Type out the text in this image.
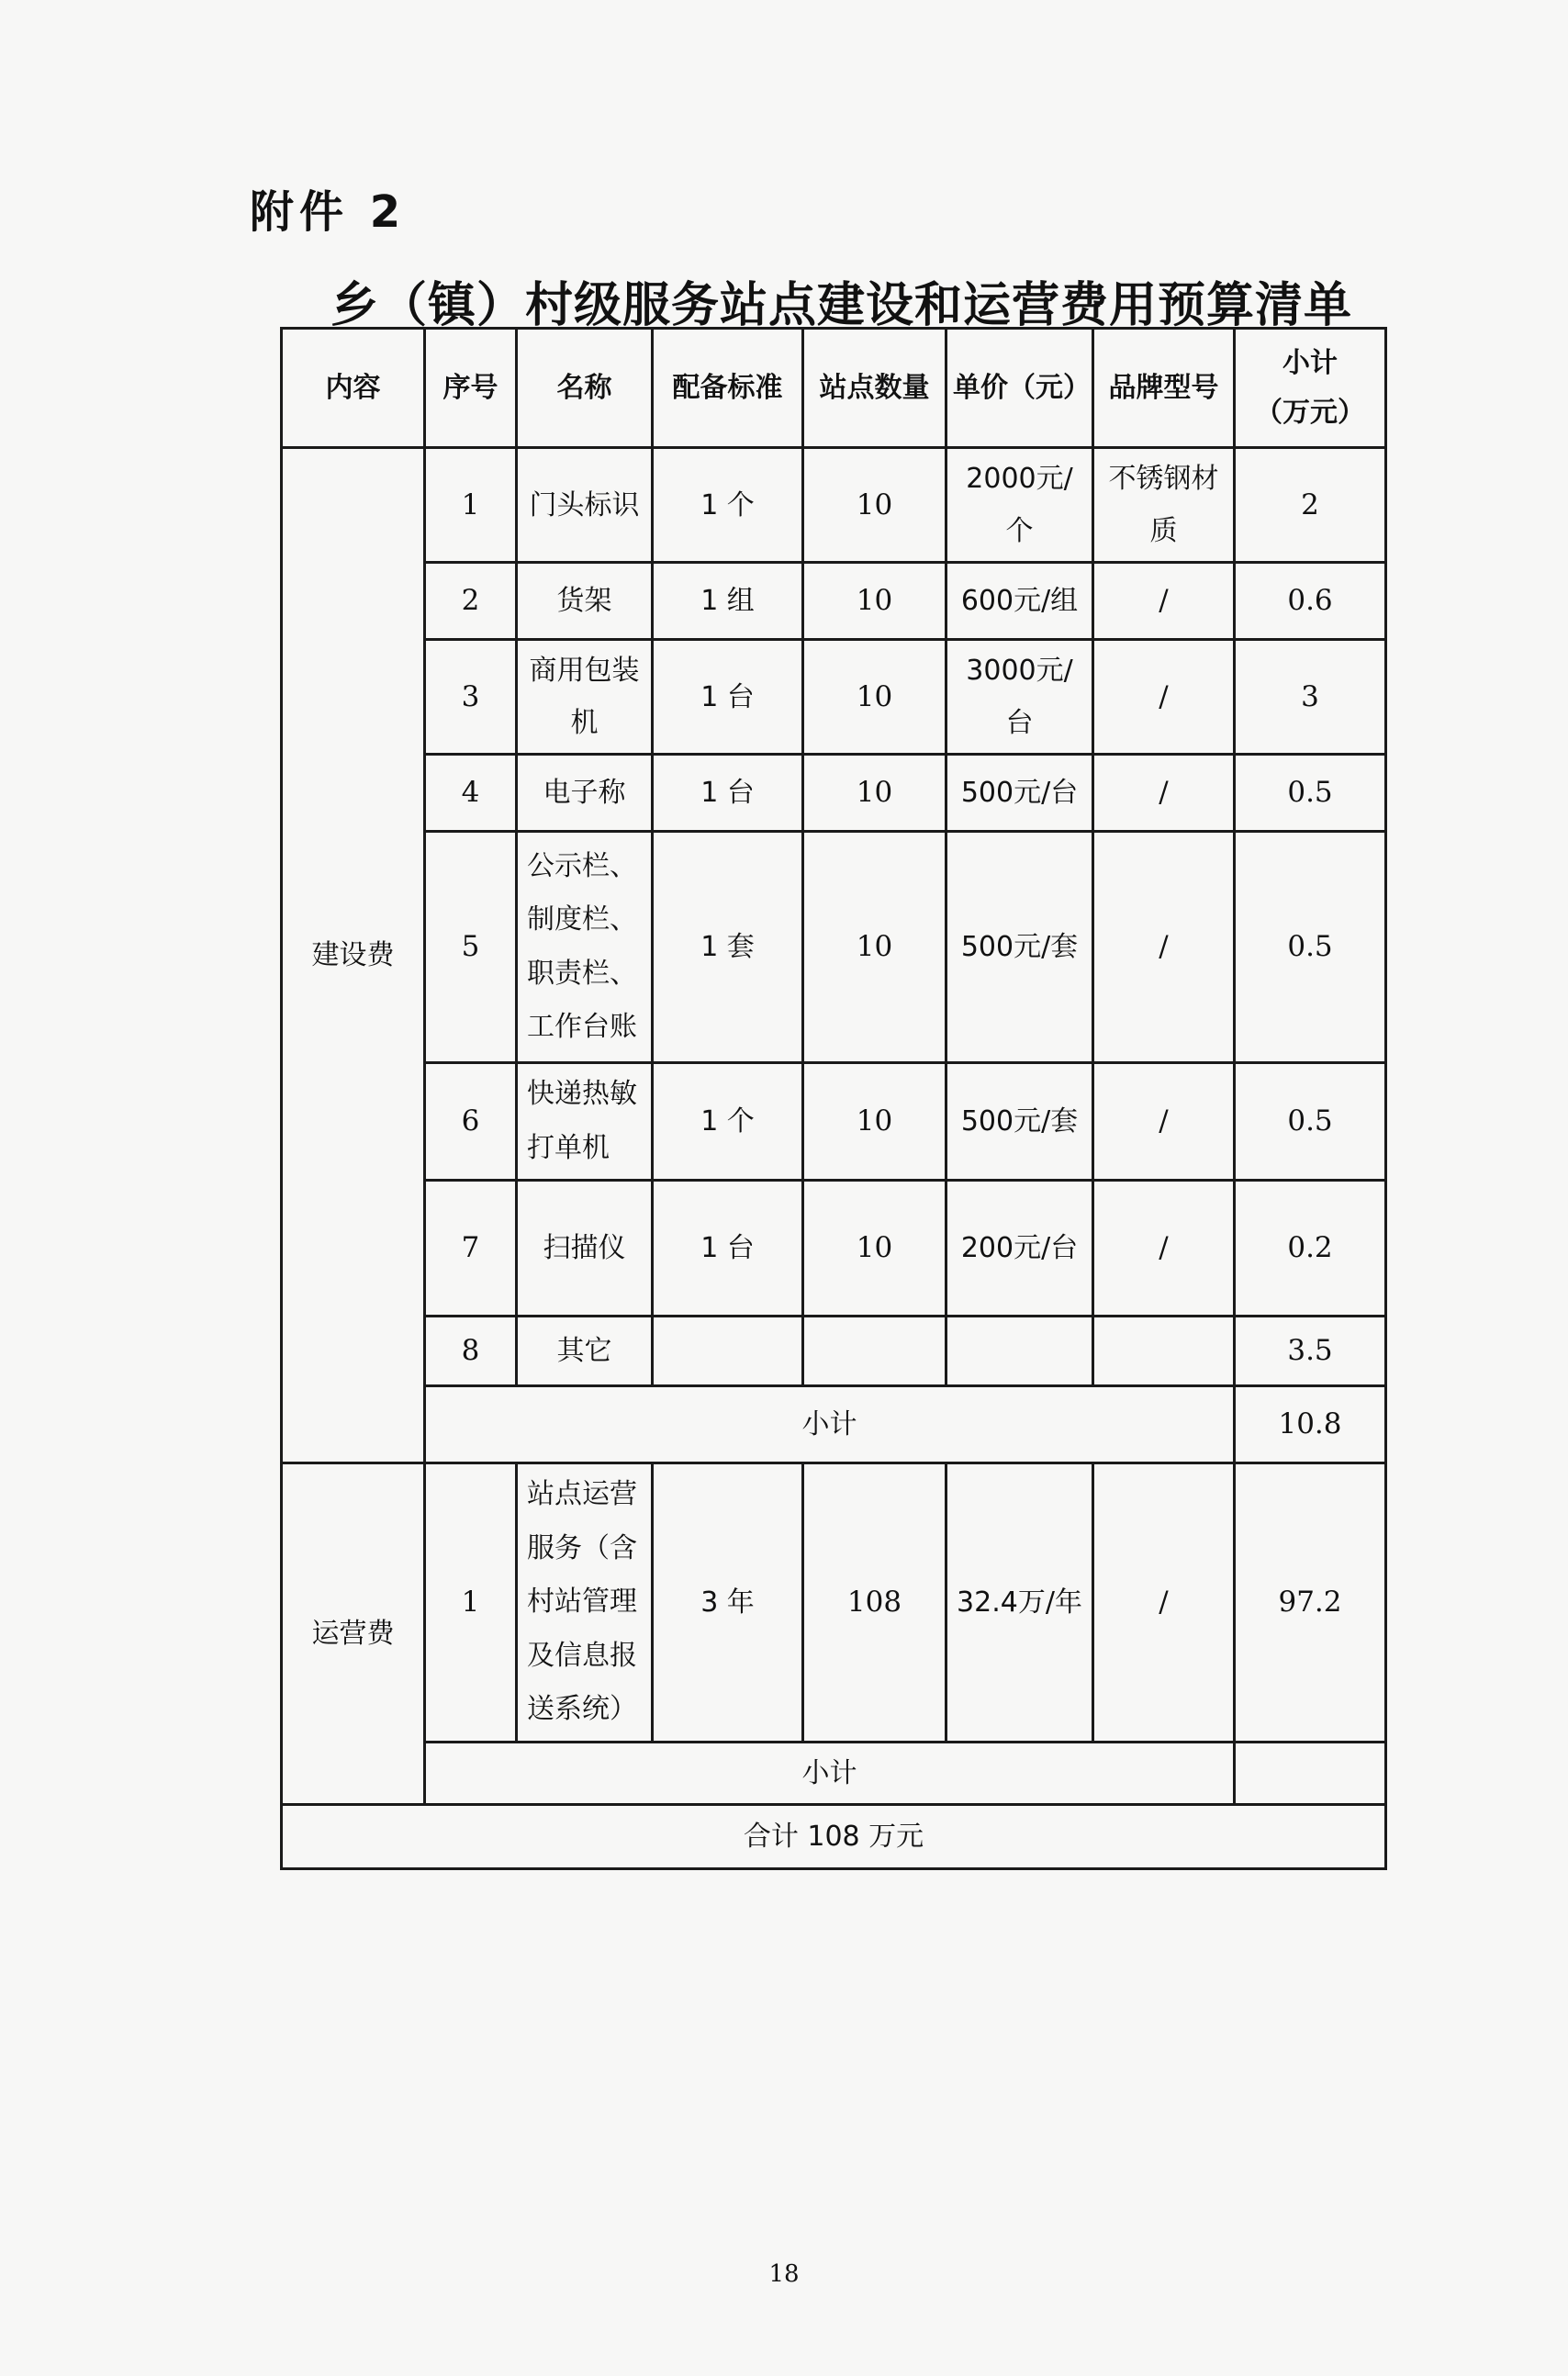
附件 2
乡（镇）村级服务站点建设和运营费用预算清单
内容	序号	名称	配备标准	站点数量	单价（元）	品牌型号	小计
（万元）

建设费	1	门头标识	1 个	10	2000元/个	不锈钢材质	2
	2	货架	1 组	10	600元/组	/	0.6
	3	商用包装机	1 台	10	3000元/台	/	3
	4	电子称	1 台	10	500元/台	/	0.5
	5	公示栏、制度栏、职责栏、工作台账	1 套	10	500元/套	/	0.5
	6	快递热敏打单机	1 个	10	500元/套	/	0.5
	7	扫描仪	1 台	10	200元/台	/	0.2
	8	其它					3.5
	小计						10.8
运营费	1	站点运营服务（含村站管理及信息报送系统）	3 年	108	32.4万/年	/	97.2
	小计						
合计 108 万元							
18
